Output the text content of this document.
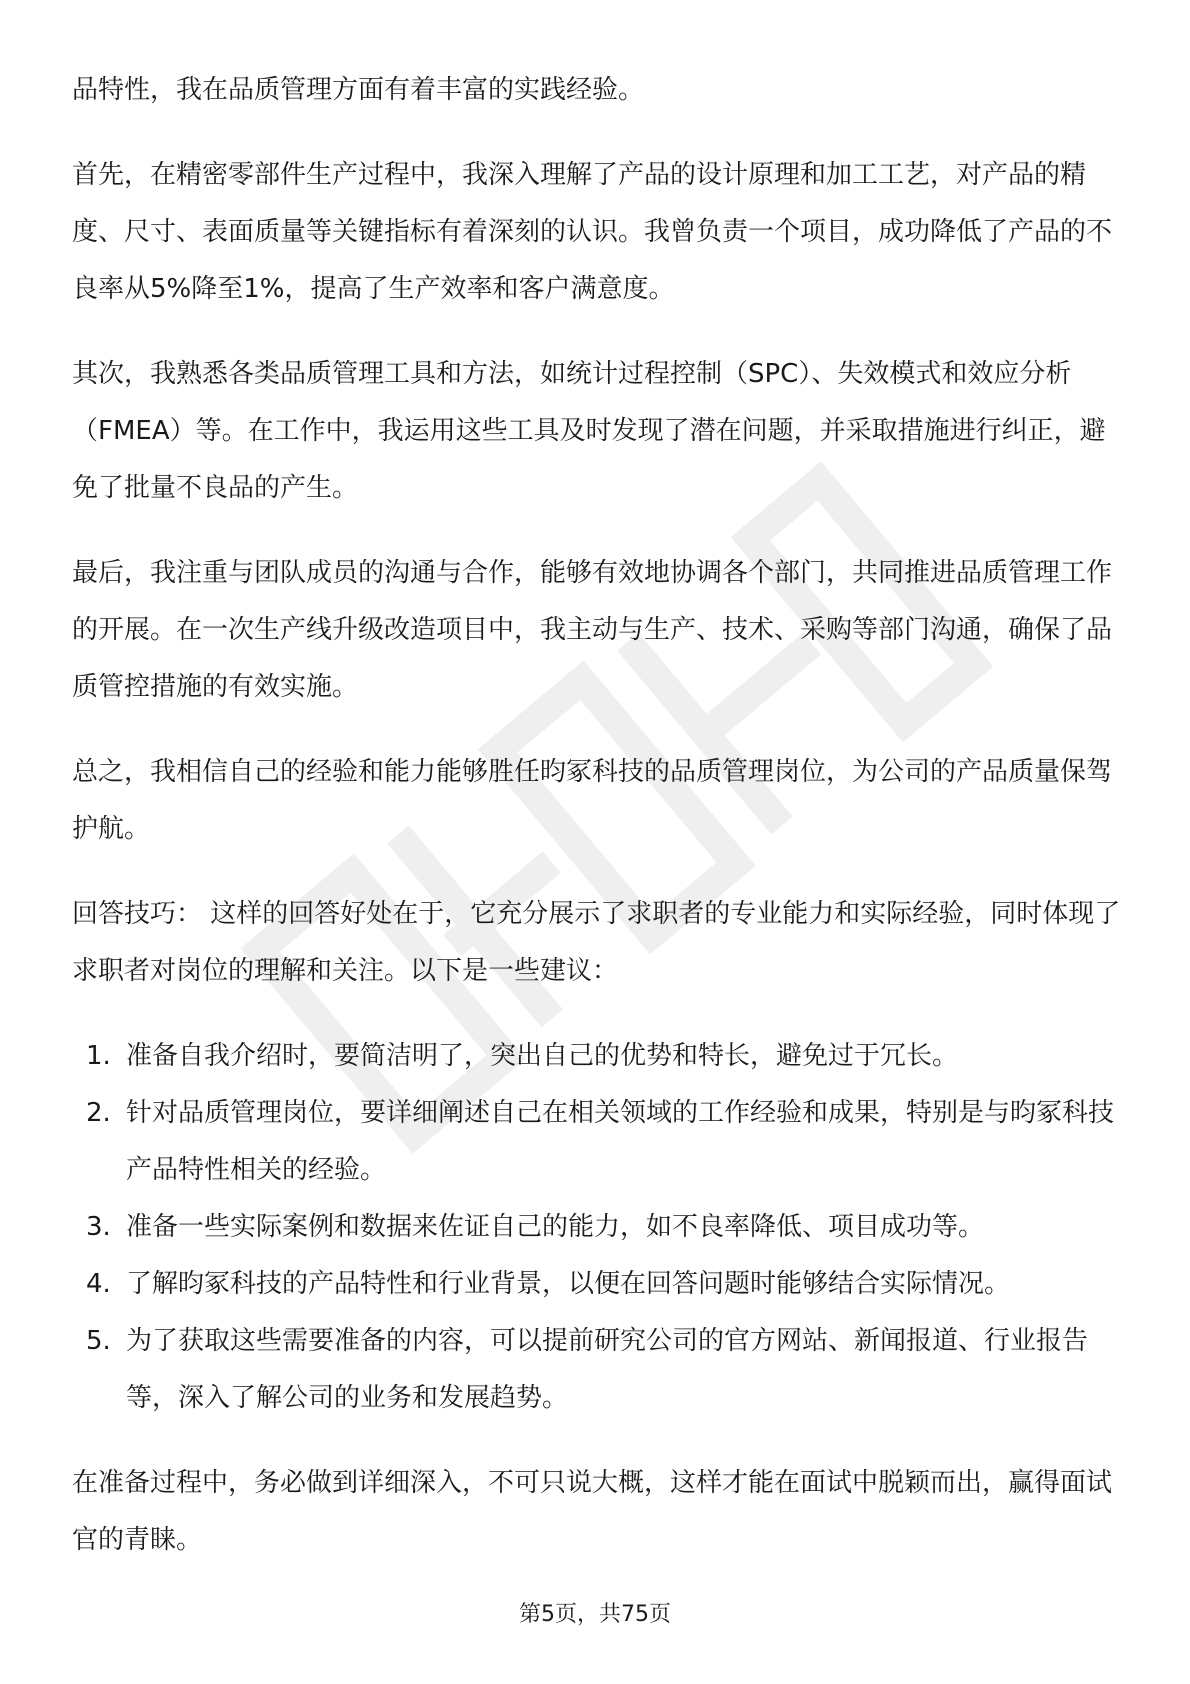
品特性，我在品质管理方面有着丰富的实践经验。

首先，在精密零部件生产过程中，我深入理解了产品的设计原理和加工工艺，对产品的精度、尺寸、表面质量等关键指标有着深刻的认识。我曾负责一个项目，成功降低了产品的不良率从5%降至1%，提高了生产效率和客户满意度。

其次，我熟悉各类品质管理工具和方法，如统计过程控制（SPC）、失效模式和效应分析（FMEA）等。在工作中，我运用这些工具及时发现了潜在问题，并采取措施进行纠正，避免了批量不良品的产生。

最后，我注重与团队成员的沟通与合作，能够有效地协调各个部门，共同推进品质管理工作的开展。在一次生产线升级改造项目中，我主动与生产、技术、采购等部门沟通，确保了品质管控措施的有效实施。

总之，我相信自己的经验和能力能够胜任昀冢科技的品质管理岗位，为公司的产品质量保驾护航。

回答技巧： 这样的回答好处在于，它充分展示了求职者的专业能力和实际经验，同时体现了求职者对岗位的理解和关注。以下是一些建议：

1. 准备自我介绍时，要简洁明了，突出自己的优势和特长，避免过于冗长。
2. 针对品质管理岗位，要详细阐述自己在相关领域的工作经验和成果，特别是与昀冢科技产品特性相关的经验。
3. 准备一些实际案例和数据来佐证自己的能力，如不良率降低、项目成功等。
4. 了解昀冢科技的产品特性和行业背景，以便在回答问题时能够结合实际情况。
5. 为了获取这些需要准备的内容，可以提前研究公司的官方网站、新闻报道、行业报告等，深入了解公司的业务和发展趋势。

在准备过程中，务必做到详细深入，不可只说大概，这样才能在面试中脱颖而出，赢得面试官的青睐。

第5页，共75页
